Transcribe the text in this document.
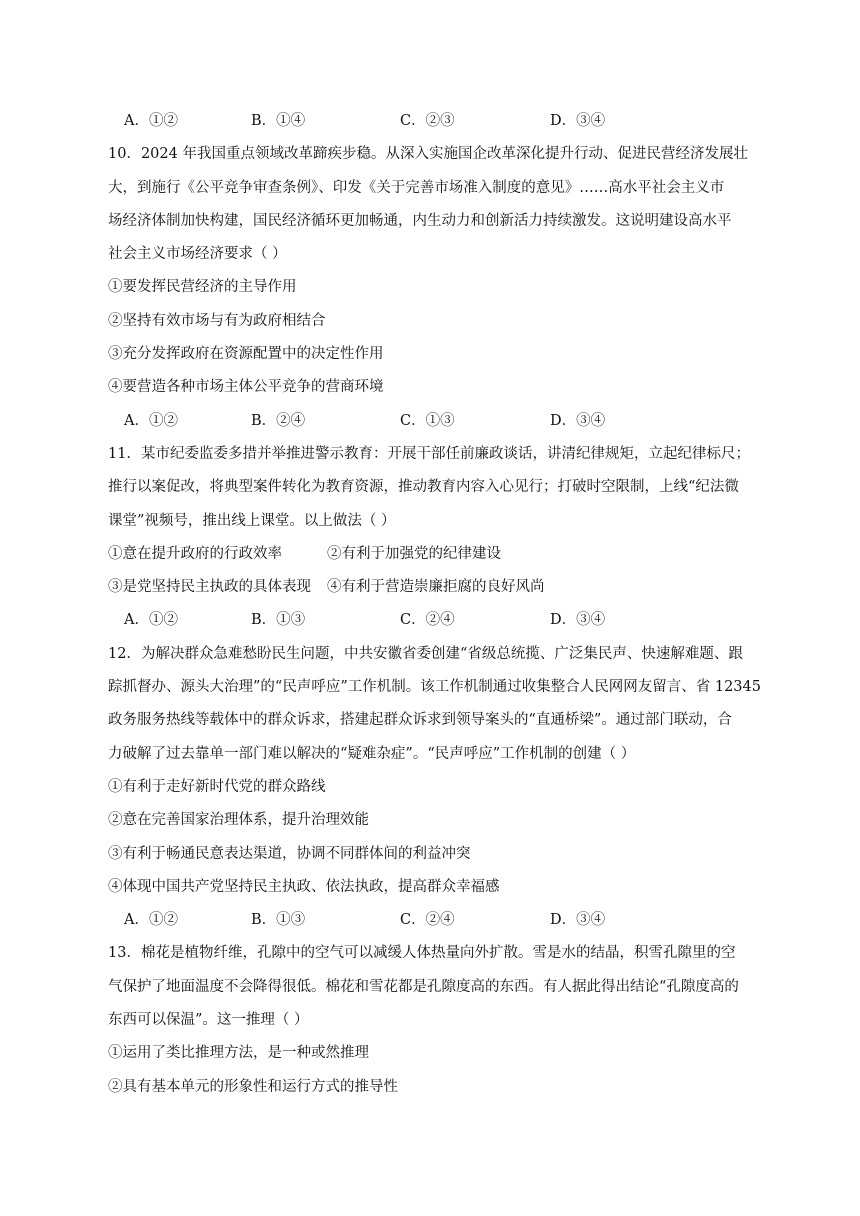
A．①②	B．①④	C．②③	D．③④
10．2024 年我国重点领域改革蹄疾步稳。从深入实施国企改革深化提升行动、促进民营经济发展壮
大，到施行《公平竞争审查条例》、印发《关于完善市场准入制度的意见》……高水平社会主义市
场经济体制加快构建，国民经济循环更加畅通，内生动力和创新活力持续激发。这说明建设高水平
社会主义市场经济要求（ ）
①要发挥民营经济的主导作用
②坚持有效市场与有为政府相结合
③充分发挥政府在资源配置中的决定性作用
④要营造各种市场主体公平竞争的营商环境
A．①②	B．②④	C．①③	D．③④
11．某市纪委监委多措并举推进警示教育：开展干部任前廉政谈话，讲清纪律规矩，立起纪律标尺；
推行以案促改，将典型案件转化为教育资源，推动教育内容入心见行；打破时空限制，上线“纪法微
课堂”视频号，推出线上课堂。以上做法（ ）
①意在提升政府的行政效率	②有利于加强党的纪律建设
③是党坚持民主执政的具体表现	④有利于营造崇廉拒腐的良好风尚
A．①②	B．①③	C．②④	D．③④
12．为解决群众急难愁盼民生问题，中共安徽省委创建“省级总统揽、广泛集民声、快速解难题、跟
踪抓督办、源头大治理”的“民声呼应”工作机制。该工作机制通过收集整合人民网网友留言、省 12345
政务服务热线等载体中的群众诉求，搭建起群众诉求到领导案头的“直通桥梁”。通过部门联动，合
力破解了过去靠单一部门难以解决的“疑难杂症”。“民声呼应”工作机制的创建（ ）
①有利于走好新时代党的群众路线
②意在完善国家治理体系，提升治理效能
③有利于畅通民意表达渠道，协调不同群体间的利益冲突
④体现中国共产党坚持民主执政、依法执政，提高群众幸福感
A．①②	B．①③	C．②④	D．③④
13．棉花是植物纤维，孔隙中的空气可以减缓人体热量向外扩散。雪是水的结晶，积雪孔隙里的空
气保护了地面温度不会降得很低。棉花和雪花都是孔隙度高的东西。有人据此得出结论“孔隙度高的
东西可以保温”。这一推理（ ）
①运用了类比推理方法，是一种或然推理
②具有基本单元的形象性和运行方式的推导性
